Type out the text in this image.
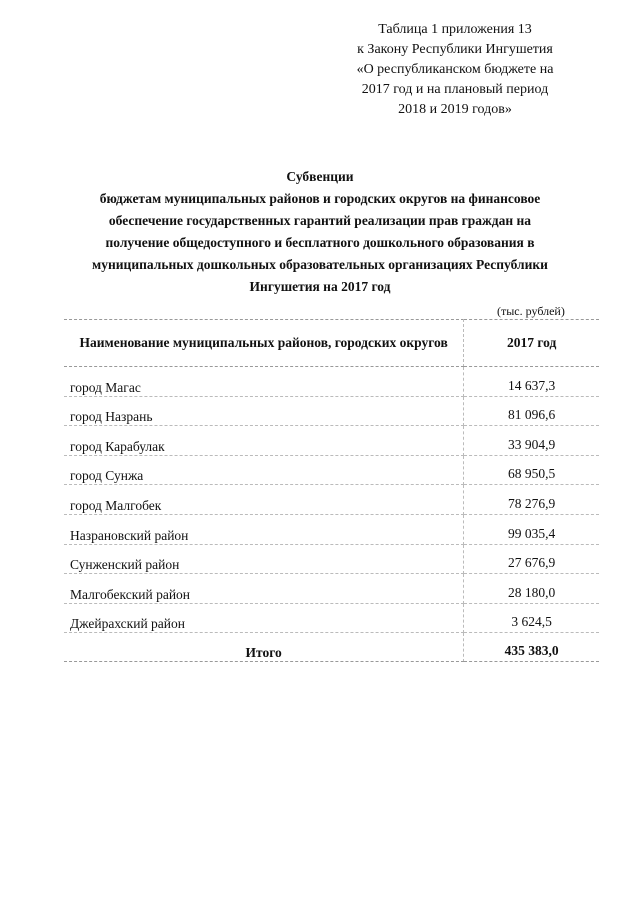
Таблица 1 приложения 13
к Закону Республики Ингушетия
«О республиканском бюджете на
2017 год и на плановый период
2018 и 2019 годов»
Субвенции
бюджетам муниципальных районов и городских округов на финансовое
обеспечение государственных гарантий реализации прав граждан на
получение общедоступного и бесплатного дошкольного образования в
муниципальных дошкольных образовательных организациях Республики
Ингушетия на 2017 год
(тыс. рублей)
Наименование муниципальных районов, городских округов	2017 год
город Магас	14 637,3
город Назрань	81 096,6
город Карабулак	33 904,9
город Сунжа	68 950,5
город Малгобек	78 276,9
Назрановский район	99 035,4
Сунженский район	27 676,9
Малгобекский район	28 180,0
Джейрахский район	3 624,5
Итого	435 383,0
